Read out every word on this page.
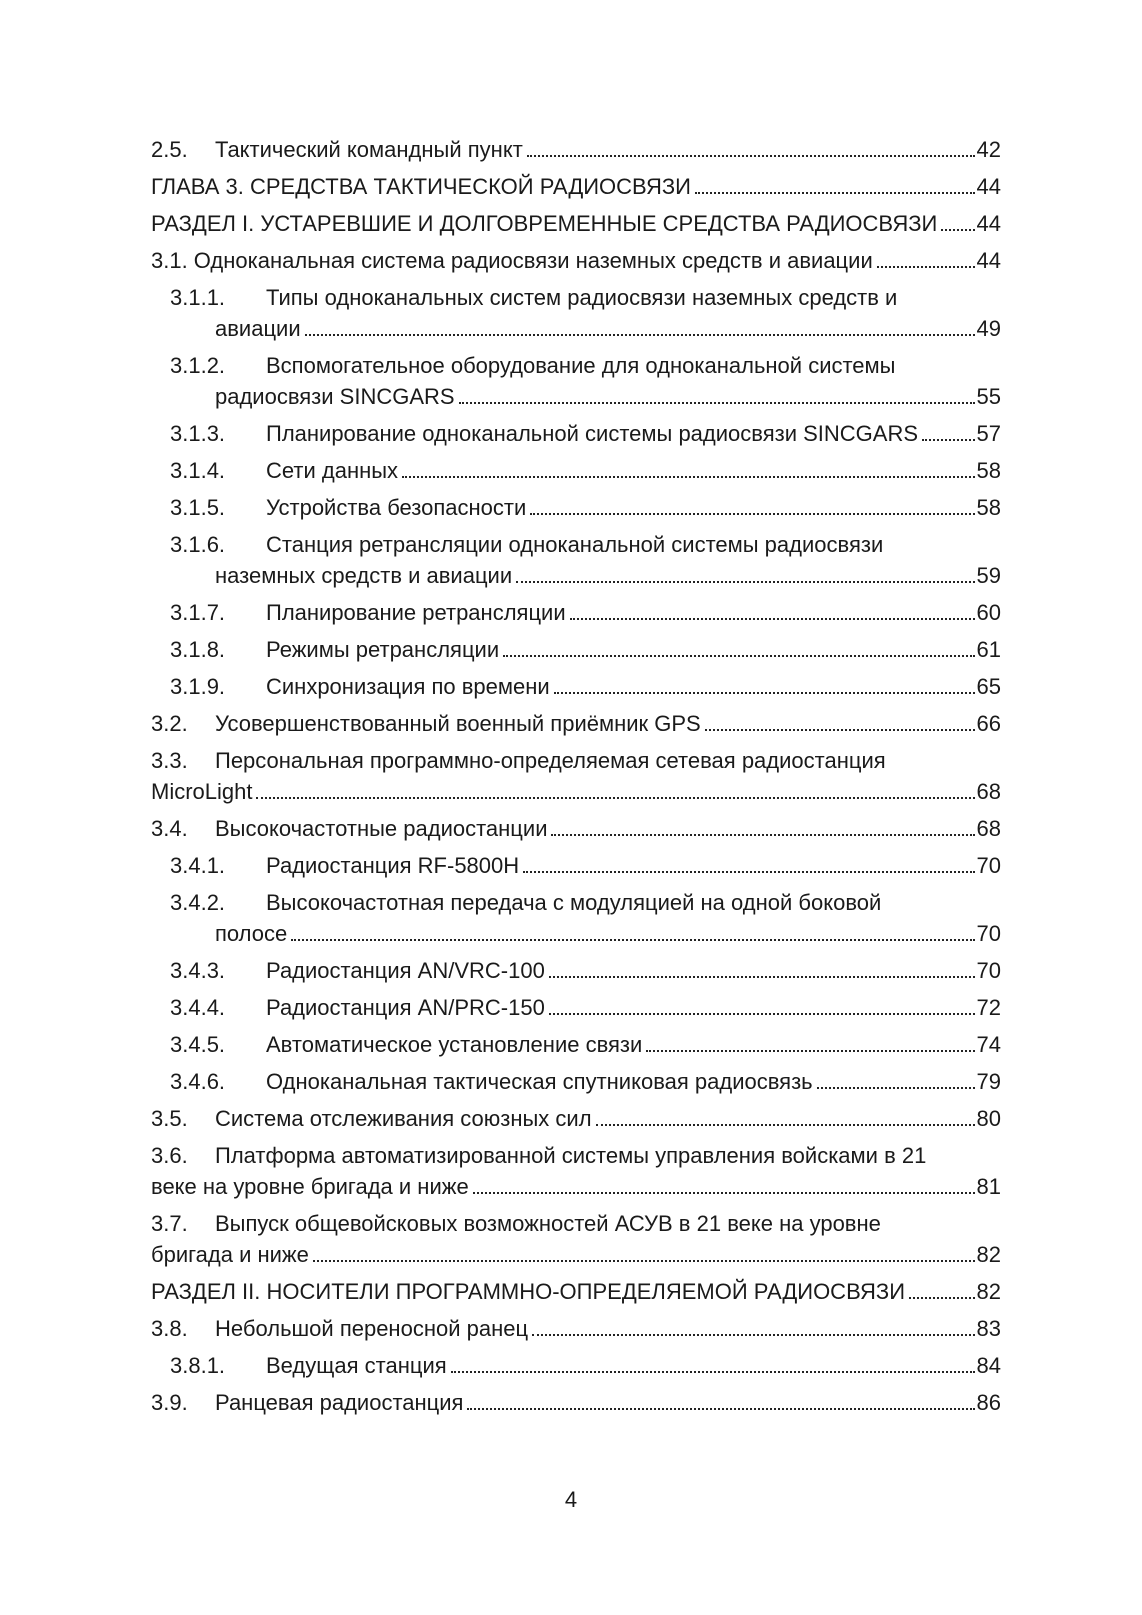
2.5.	Тактический командный пункт	42
ГЛАВА 3. СРЕДСТВА ТАКТИЧЕСКОЙ РАДИОСВЯЗИ	44
РАЗДЕЛ I. УСТАРЕВШИЕ И ДОЛГОВРЕМЕННЫЕ СРЕДСТВА РАДИОСВЯЗИ 44
3.1. Одноканальная система радиосвязи наземных средств и авиации	44
3.1.1.	Типы одноканальных систем радиосвязи наземных средств и
авиации	49
3.1.2.	Вспомогательное оборудование для одноканальной системы
радиосвязи SINCGARS	55
3.1.3.	Планирование одноканальной системы радиосвязи SINCGARS	57
3.1.4.	Сети данных	58
3.1.5.	Устройства безопасности	58
3.1.6.	Станция ретрансляции одноканальной системы радиосвязи
наземных средств и авиации	59
3.1.7.	Планирование ретрансляции	60
3.1.8.	Режимы ретрансляции	61
3.1.9.	Синхронизация по времени	65
3.2.	Усовершенствованный военный приёмник GPS	66
3.3.	Персональная программно-определяемая сетевая радиостанция
MicroLight	68
3.4.	Высокочастотные радиостанции	68
3.4.1.	Радиостанция RF-5800H	70
3.4.2.	Высокочастотная передача с модуляцией на одной боковой
полосе	70
3.4.3.	Радиостанция AN/VRC-100	70
3.4.4.	Радиостанция AN/PRC-150	72
3.4.5.	Автоматическое установление связи	74
3.4.6.	Одноканальная тактическая спутниковая радиосвязь	79
3.5.	Система отслеживания союзных сил	80
3.6.	Платформа автоматизированной системы управления войсками в 21
веке на уровне бригада и ниже	81
3.7.	Выпуск общевойсковых возможностей АСУВ в 21 веке на уровне
бригада и ниже	82
РАЗДЕЛ II. НОСИТЕЛИ ПРОГРАММНО-ОПРЕДЕЛЯЕМОЙ РАДИОСВЯЗИ	82
3.8.	Небольшой переносной ранец	83
3.8.1.	Ведущая станция	84
3.9.	Ранцевая радиостанция	86
4
